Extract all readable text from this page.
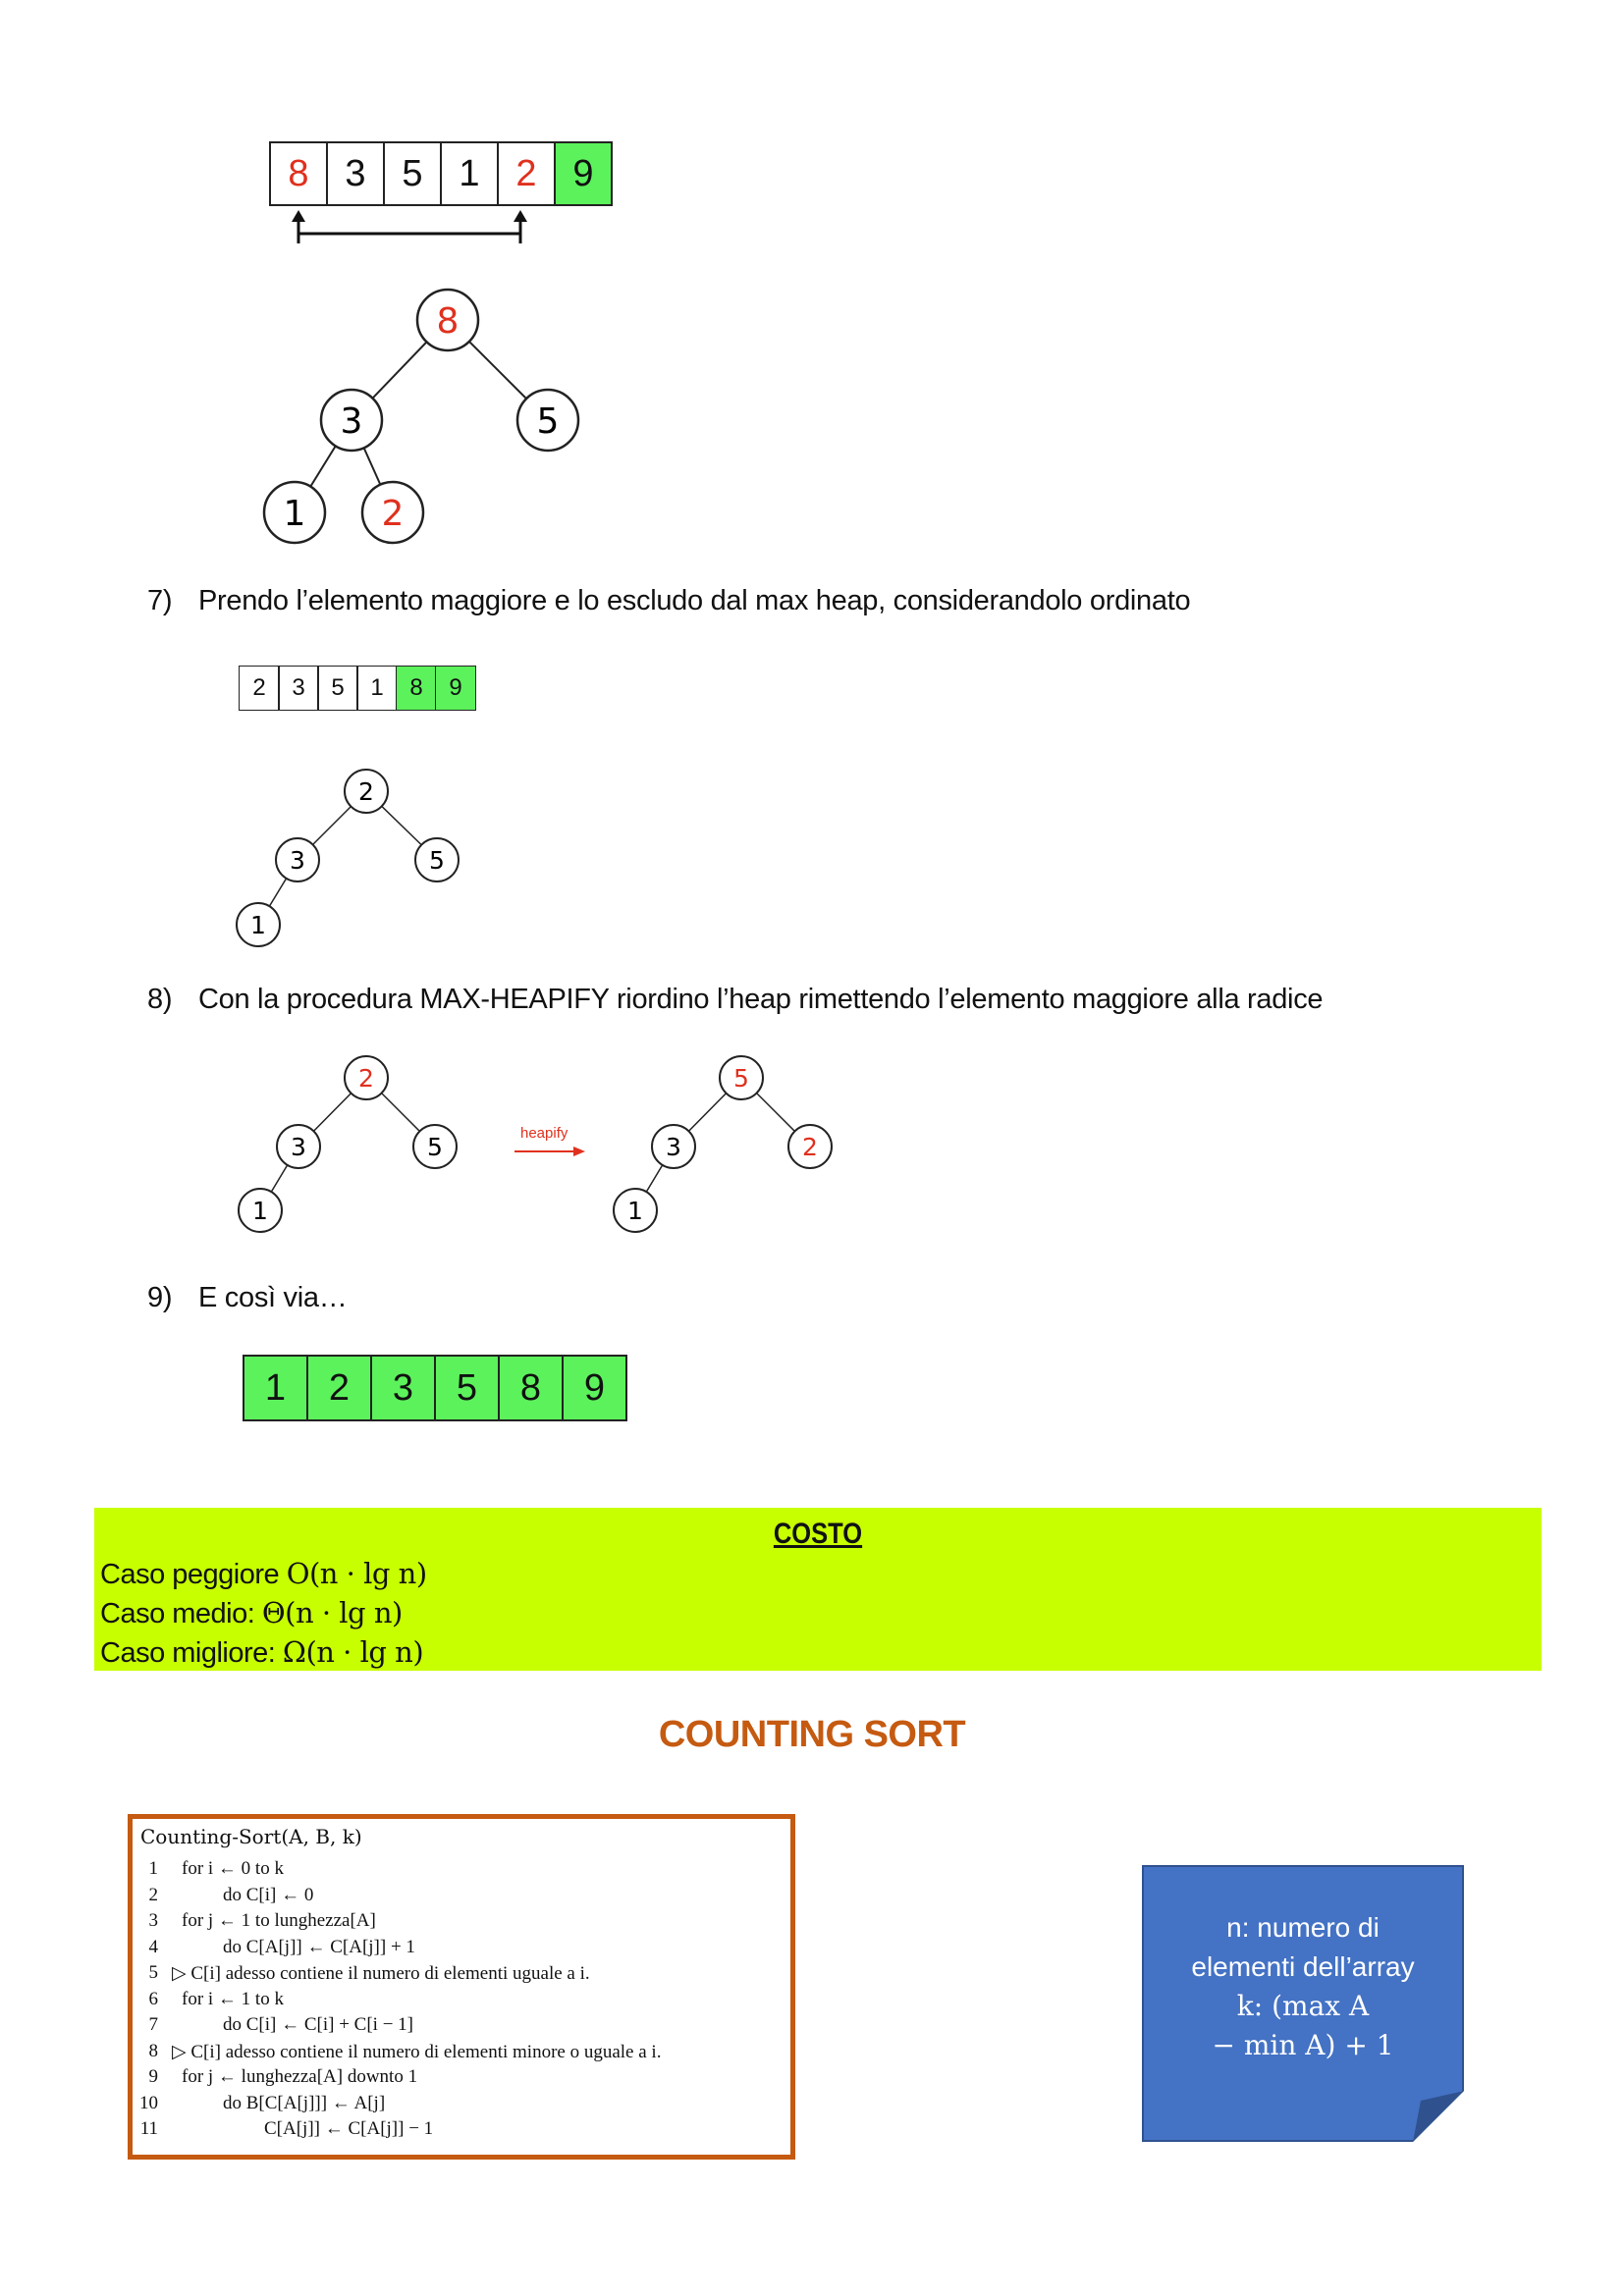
8 3 5 1 2 9
8
3	5
1 2
7) Prendo l’elemento maggiore e lo escludo dal max heap, considerandolo ordinato
2	3	5	1	8	9
2
3	5
1
8) Con la procedura MAX-HEAPIFY riordino l’heap rimettendo l’elemento maggiore alla radice
2
3	5
1
heapify
5
3	2
1
9) E così via…
1	2	3	5	8	9
COSTO
Caso peggiore O(n · lg n)
Caso medio: Θ(n · lg n)
Caso migliore: Ω(n · lg n)
COUNTING SORT
Counting-Sort(A, B, k)
1 for i ← 0 to k
2	do C[i] ← 0
3 for j ← 1 to lunghezza[A]
4	do C[A[j]] ← C[A[j]] + 1
5 ▷ C[i] adesso contiene il numero di elementi uguale a i.
6 for i ← 1 to k
7	do C[i] ← C[i] + C[i − 1]
8 ▷ C[i] adesso contiene il numero di elementi minore o uguale a i.
9 for j ← lunghezza[A] downto 1
10	do B[C[A[j]]] ← A[j]
11	C[A[j]] ← C[A[j]] − 1
n: numero di
elementi dell’array
k: (max A
− min A) + 1
